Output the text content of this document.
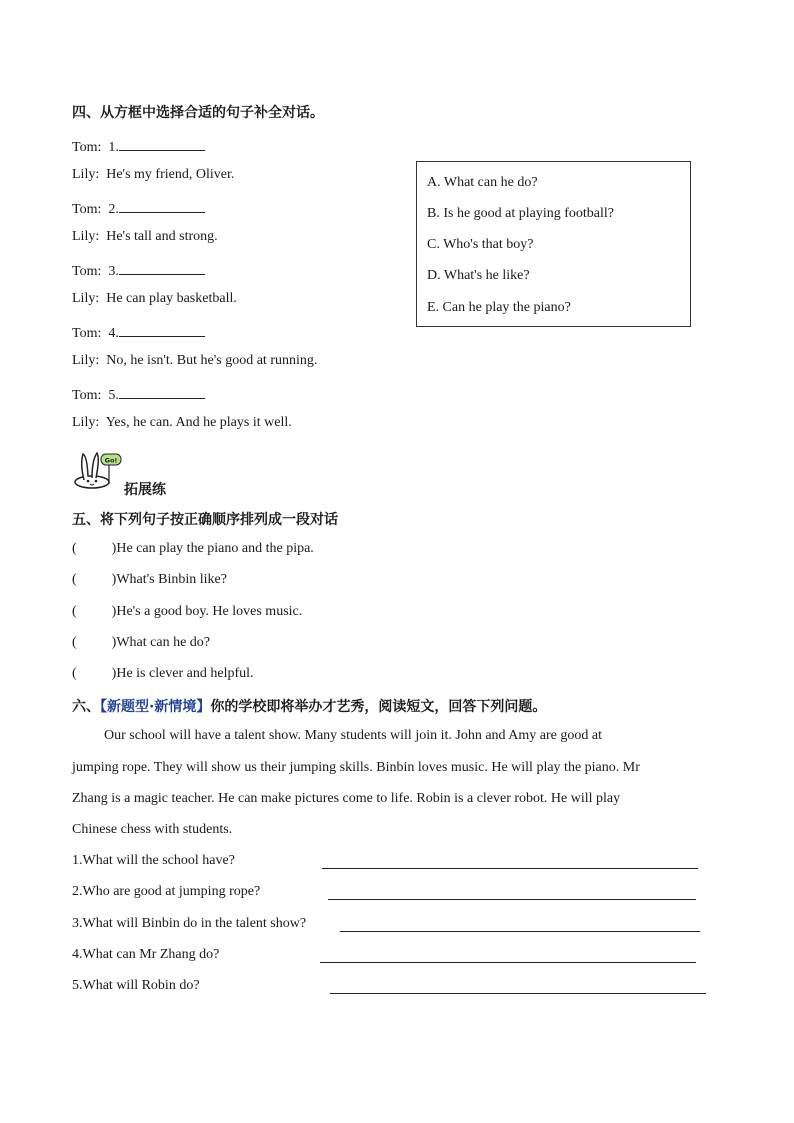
四、从方框中选择合适的句子补全对话。
Tom: 1.
Lily: He's my friend, Oliver.
Tom: 2.
Lily: He's tall and strong.
Tom: 3.
Lily: He can play basketball.
Tom: 4.
Lily: No, he isn't. But he's good at running.
Tom: 5.
Lily: Yes, he can. And he plays it well.
A. What can he do?
B. Is he good at playing football?
C. Who's that boy?
D. What's he like?
E. Can he play the piano?
Go!
拓展练
五、将下列句子按正确顺序排列成一段对话
(          )He can play the piano and the pipa.
(          )What's Binbin like?
(          )He's a good boy. He loves music.
(          )What can he do?
(          )He is clever and helpful.
六、【新题型·新情境】你的学校即将举办才艺秀，阅读短文，回答下列问题。
Our school will have a talent show. Many students will join it. John and Amy are good at
jumping rope. They will show us their jumping skills. Binbin loves music. He will play the piano. Mr
Zhang is a magic teacher. He can make pictures come to life. Robin is a clever robot. He will play
Chinese chess with students.
1.What will the school have?
2.Who are good at jumping rope?
3.What will Binbin do in the talent show?
4.What can Mr Zhang do?
5.What will Robin do?
